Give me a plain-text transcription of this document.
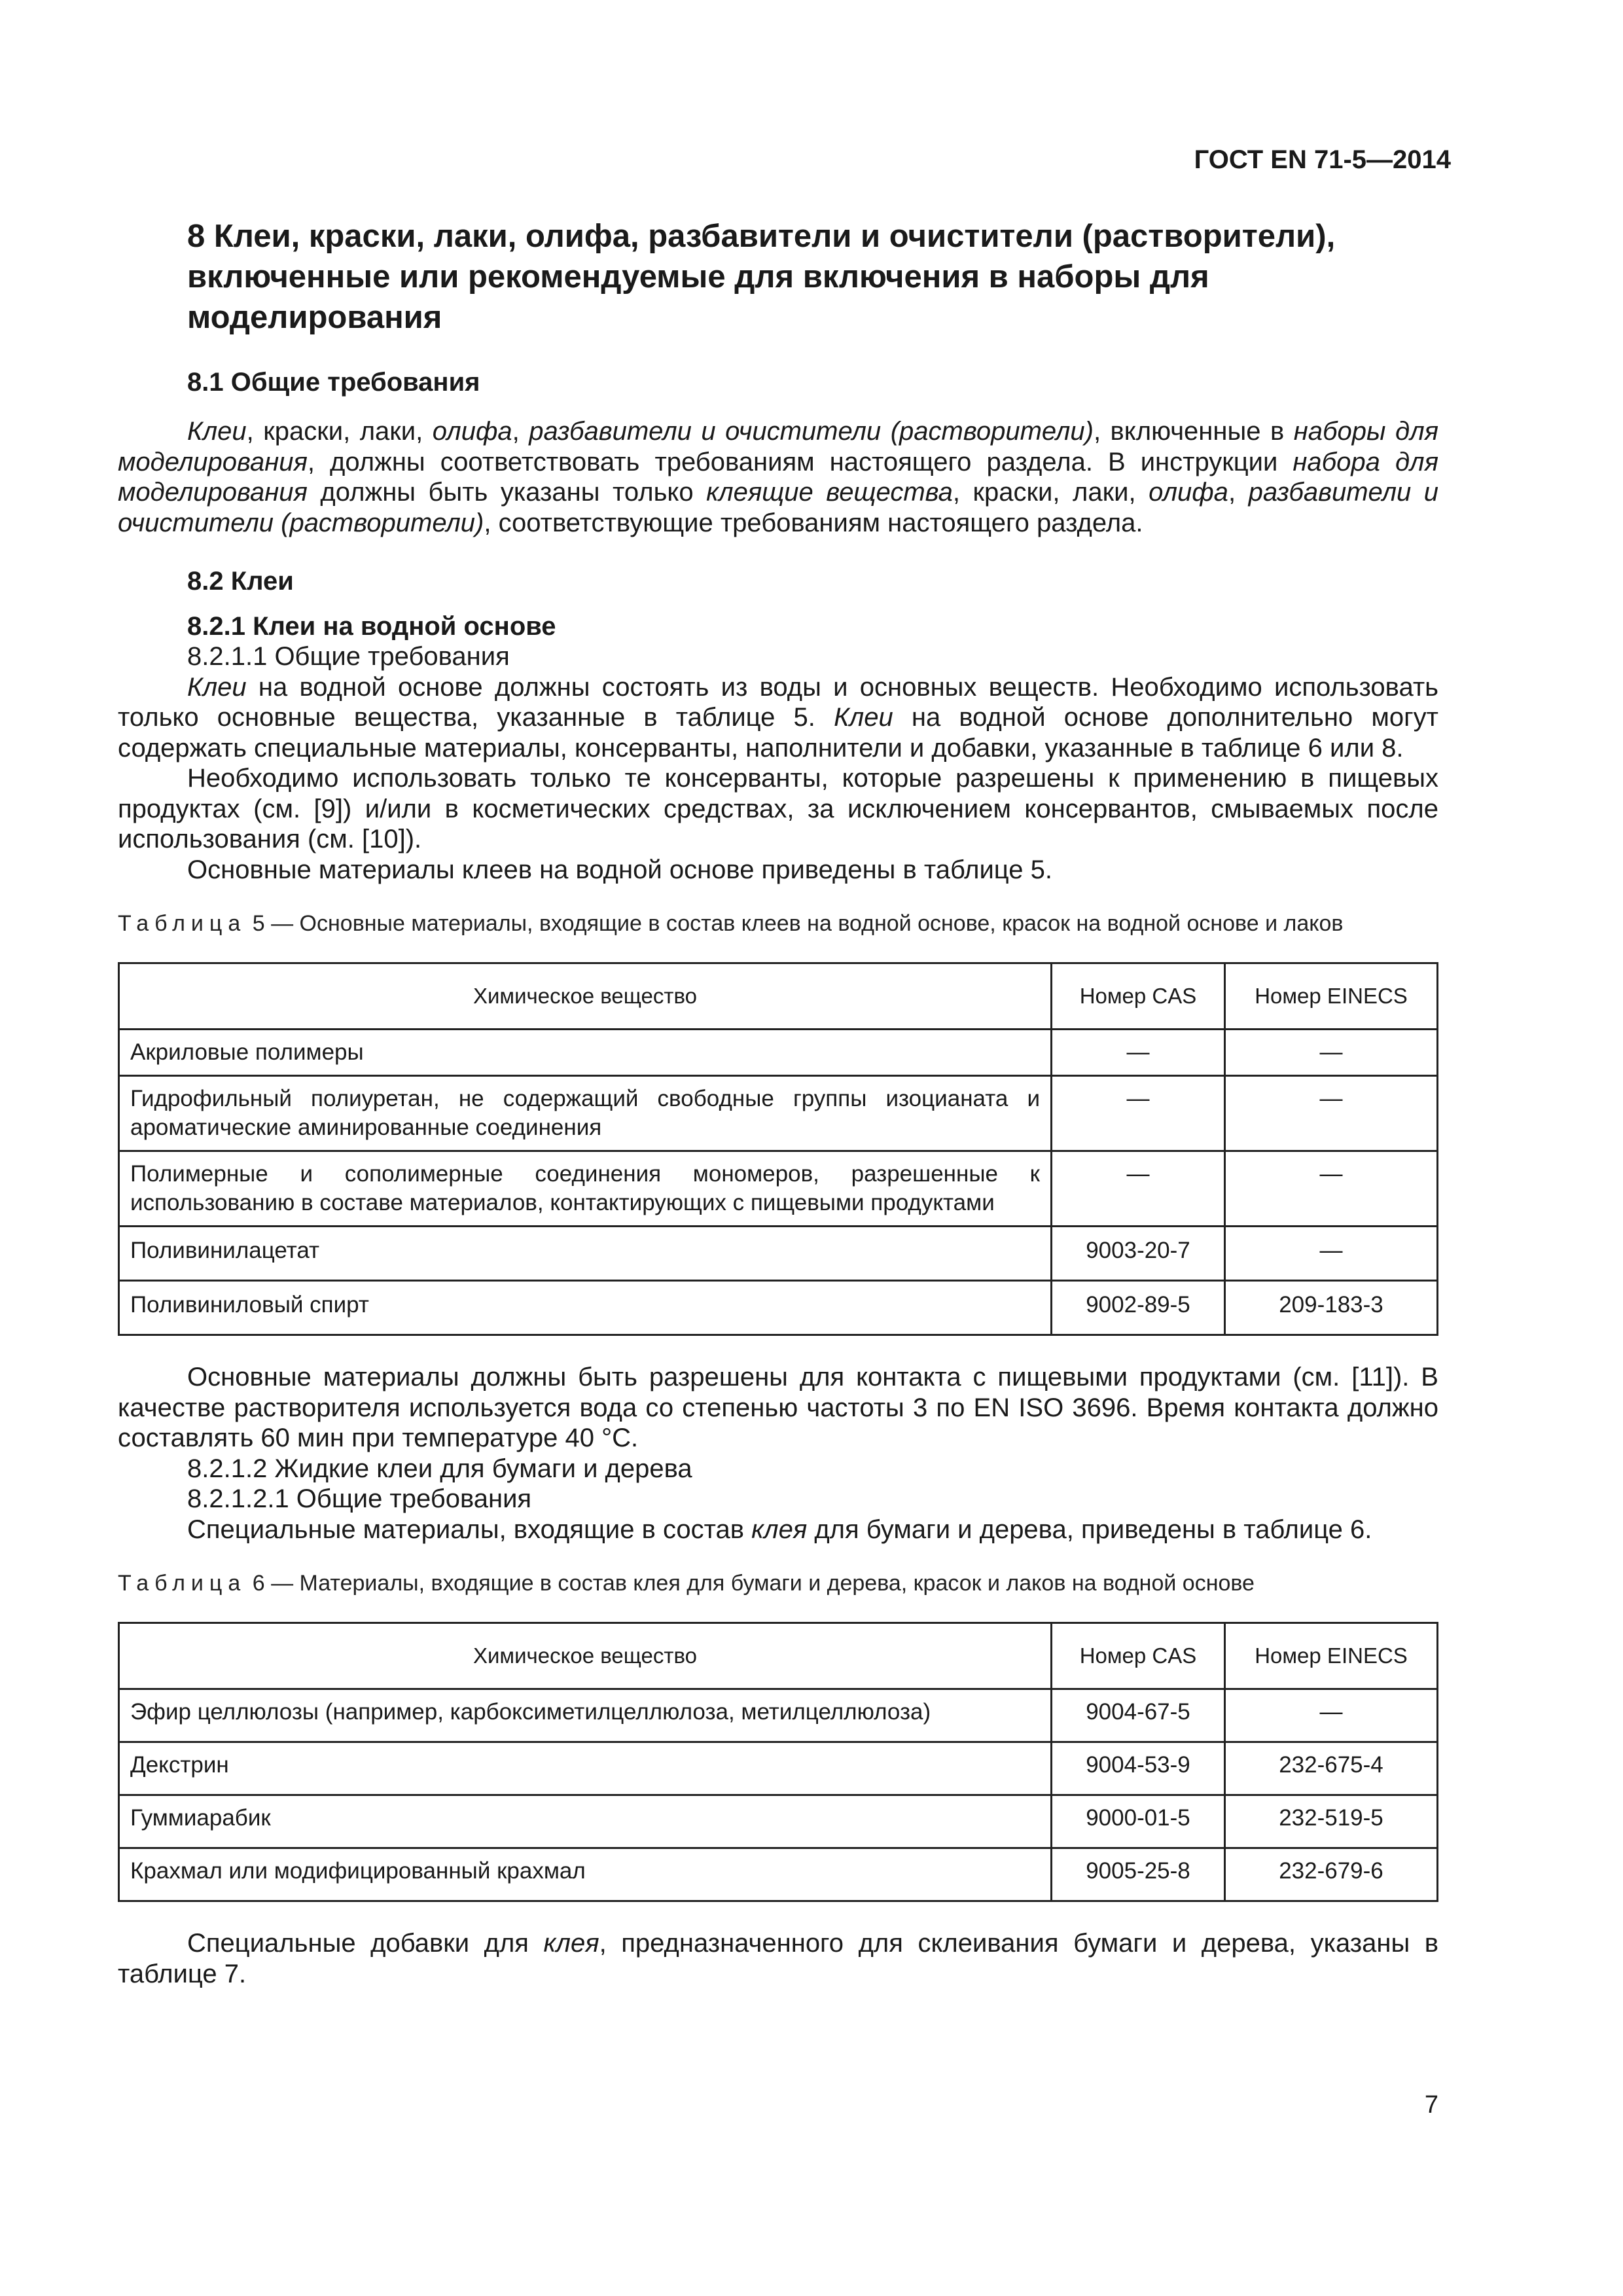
ГОСТ EN 71-5—2014
8 Клеи, краски, лаки, олифа, разбавители и очистители (растворители), включенные или рекомендуемые для включения в наборы для моделирования
8.1 Общие требования

Клеи, краски, лаки, олифа, разбавители и очистители (растворители), включенные в наборы для моделирования, должны соответствовать требованиям настоящего раздела. В инструкции набора для моделирования должны быть указаны только клеящие вещества, краски, лаки, олифа, разбавители и очистители (растворители), соответствующие требованиям настоящего раздела.

8.2 Клеи
8.2.1 Клеи на водной основе

8.2.1.1 Общие требования

Клеи на водной основе должны состоять из воды и основных веществ. Необходимо использовать только основные вещества, указанные в таблице 5. Клеи на водной основе дополнительно могут содержать специальные материалы, консерванты, наполнители и добавки, указанные в таблице 6 или 8.

Необходимо использовать только те консерванты, которые разрешены к применению в пищевых продуктах (см. [9]) и/или в косметических средствах, за исключением консервантов, смываемых после использования (см. [10]).

Основные материалы клеев на водной основе приведены в таблице 5.

Таблица 5 — Основные материалы, входящие в состав клеев на водной основе, красок на водной основе и лаков
Химическое вещество	Номер CAS	Номер EINECS
Акриловые полимеры	—	—
Гидрофильный полиуретан, не содержащий свободные группы изоцианата и ароматические аминированные соединения	—	—
Полимерные и сополимерные соединения мономеров, разрешенные к использованию в составе материалов, контактирующих с пищевыми продуктами	—	—
Поливинилацетат	9003-20-7	—
Поливиниловый спирт	9002-89-5	209-183-3

Основные материалы должны быть разрешены для контакта с пищевыми продуктами (см. [11]). В качестве растворителя используется вода со степенью частоты 3 по EN ISO 3696. Время контакта должно составлять 60 мин при температуре 40 °С.

8.2.1.2 Жидкие клеи для бумаги и дерева

8.2.1.2.1 Общие требования

Специальные материалы, входящие в состав клея для бумаги и дерева, приведены в таблице 6.

Таблица 6 — Материалы, входящие в состав клея для бумаги и дерева, красок и лаков на водной основе
Химическое вещество	Номер CAS	Номер EINECS
Эфир целлюлозы (например, карбоксиметилцеллюлоза, метилцеллюлоза)	9004-67-5	—
Декстрин	9004-53-9	232-675-4
Гуммиарабик	9000-01-5	232-519-5
Крахмал или модифицированный крахмал	9005-25-8	232-679-6

Специальные добавки для клея, предназначенного для склеивания бумаги и дерева, указаны в таблице 7.

7
